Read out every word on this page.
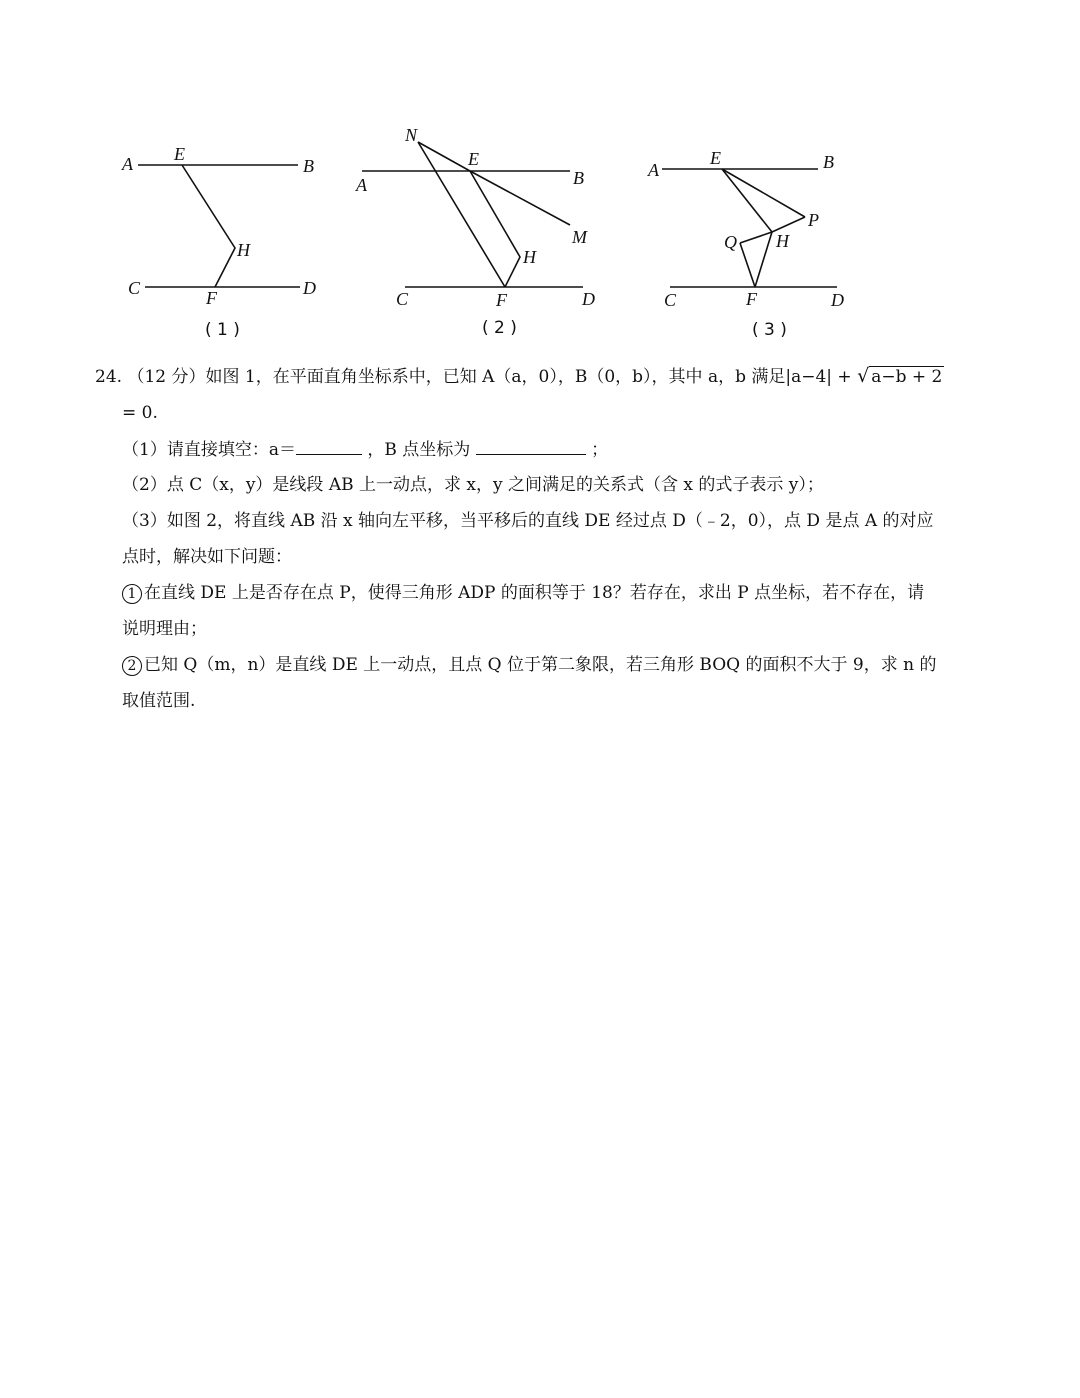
A	B
E
H
C	D
F
( 1 )
N
E
A	B
M
H
C	F	D
( 2 )
A
E	B
P
Q H
C	F	D
( 3 )
24. （12 分）如图 1，在平面直角坐标系中，已知 A（a，0），B（0，b），其中 a，b 满足|a−4| + √ a−b + 2
= 0.
（1）请直接填空：a＝	，B 点坐标为	；
（2）点 C（x，y）是线段 AB 上一动点，求 x，y 之间满足的关系式（含 x 的式子表示 y）；
（3）如图 2，将直线 AB 沿 x 轴向左平移，当平移后的直线 DE 经过点 D（﹣2，0），点 D 是点 A 的对应
点时，解决如下问题：
1 在直线 DE 上是否存在点 P，使得三角形 ADP 的面积等于 18？若存在，求出 P 点坐标，若不存在，请
说明理由；
2 已知 Q（m，n）是直线 DE 上一动点，且点 Q 位于第二象限，若三角形 BOQ 的面积不大于 9，求 n 的
取值范围.
